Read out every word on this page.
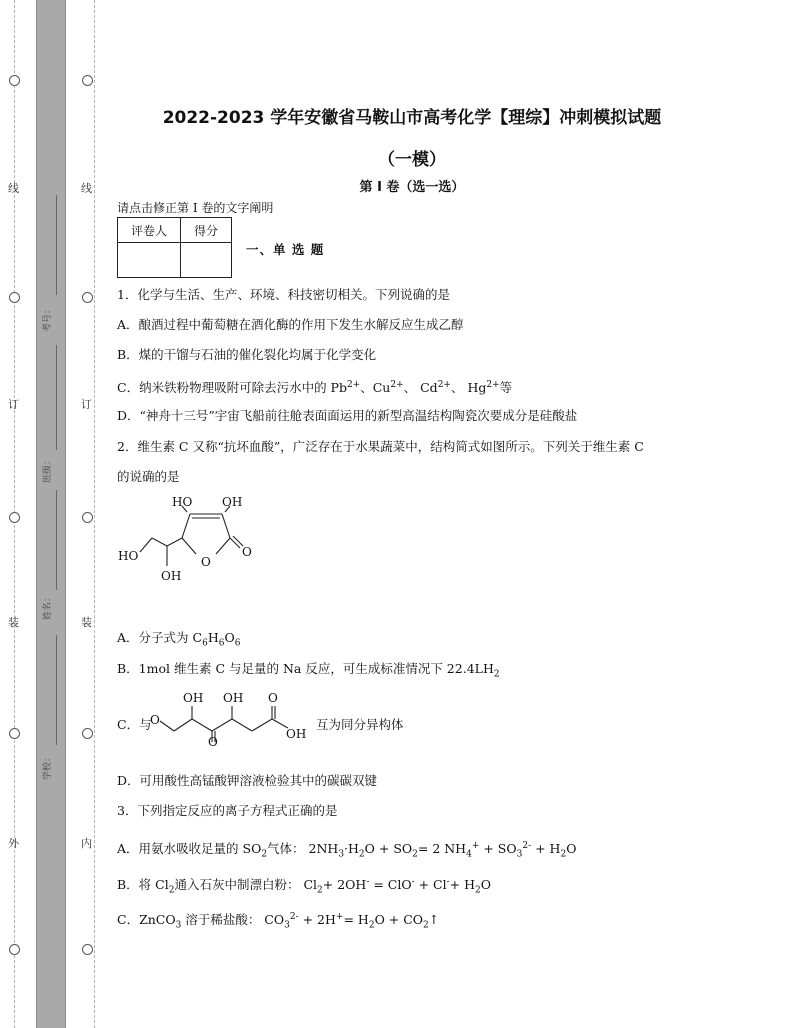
线
订
装
外
线
订
装
内
考号：
班级：
姓名：
学校：
2022-2023 学年安徽省马鞍山市高考化学【理综】冲刺模拟试题
（一模）
第 I 卷（选一选）
请点击修正第 I 卷的文字阐明
评卷人	得分

一、单 选 题
1．化学与生活、生产、环境、科技密切相关。下列说确的是
A．酿酒过程中葡萄糖在酒化酶的作用下发生水解反应生成乙醇
B．煤的干馏与石油的催化裂化均属于化学变化
C．纳米铁粉物理吸附可除去污水中的 $Pb^{2+}$、$Cu^{2+}$、 $Cd^{2+}$、 $Hg^{2+}$等
D．“神舟十三号”宇宙飞船前往舱表面面运用的新型高温结构陶瓷次要成分是硅酸盐
2．维生素 C 又称“抗坏血酸”，广泛存在于水果蔬菜中，结构简式如图所示。下列关于维生素 C
的说确的是
HO OH
HO	O
O
OH
A．分子式为 $C_6H_6O_6$
B．1mol 维生素 C 与足量的 Na 反应，可生成标准情况下 $22.4LH_2$
C．与
OH OH
O
O
O
OH
互为同分异构体
D．可用酸性高锰酸钾溶液检验其中的碳碳双键
3．下列指定反应的离子方程式正确的是
A．用氨水吸收足量的 $SO_2$气体： $2NH_3\cdot H_2O + SO_2= 2$ $NH_4^+ + SO_3^{2-} + H_2O$
B．将 $Cl_2$通入石灰中制漂白粉： $Cl_2+ 2OH^- = ClO^- + Cl^-+ H_2O$
C．ZnCO$_3$ 溶于稀盐酸： $CO_3^{2-} + 2H^+= H_2O$ + $CO_2↑$
